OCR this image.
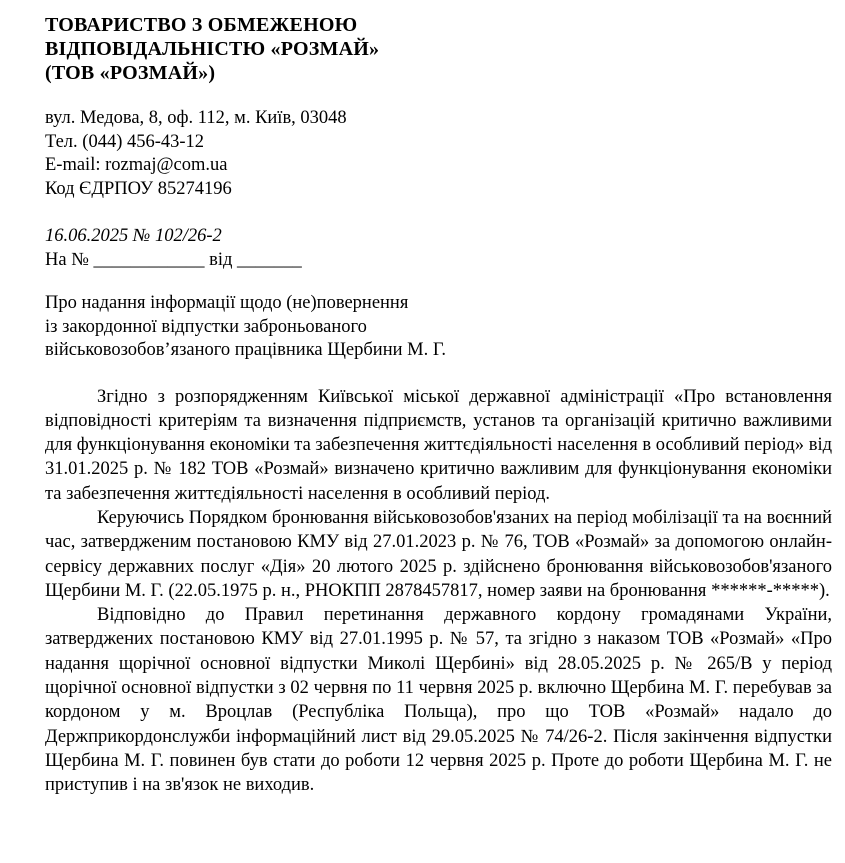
ТОВАРИСТВО З ОБМЕЖЕНОЮ
ВІДПОВІДАЛЬНІСТЮ «РОЗМАЙ»
(ТОВ «РОЗМАЙ»)
вул. Медова, 8, оф. 112, м. Київ, 03048
Тел. (044) 456-43-12
E-mail: rozmaj@com.ua
Код ЄДРПОУ 85274196
16.06.2025 № 102/26-2
На № ____________ від _______
Про надання інформації щодо (не)повернення
із закордонної відпустки заброньованого
військовозобов’язаного працівника Щербини М. Г.

Згідно з розпорядженням Київської міської державної адміністрації «Про встановлення відповідності критеріям та визначення підприємств, установ та організацій критично важливими для функціонування економіки та забезпечення життєдіяльності населення в особливий період» від 31.01.2025 р. № 182 ТОВ «Розмай» визначено критично важливим для функціонування економіки та забезпечення життєдіяльності населення в особливий період.

Керуючись Порядком бронювання військовозобов'язаних на період мобілізації та на воєнний час, затвердженим постановою КМУ від 27.01.2023 р. № 76, ТОВ «Розмай» за допомогою онлайн-сервісу державних послуг «Дія» 20 лютого 2025 р. здійснено бронювання військовозобов'язаного Щербини М. Г. (22.05.1975 р. н., РНОКПП 2878457817, номер заяви на бронювання ******-*****).

Відповідно до Правил перетинання державного кордону громадянами України, затверджених постановою КМУ від 27.01.1995 р. № 57, та згідно з наказом ТОВ «Розмай» «Про надання щорічної основної відпустки Миколі Щербині» від 28.05.2025 р. № 265/В у період щорічної основної відпустки з 02 червня по 11 червня 2025 р. включно Щербина М. Г. перебував за кордоном у м. Вроцлав (Республіка Польща), про що ТОВ «Розмай» надало до Держприкордонслужби інформаційний лист від 29.05.2025 № 74/26-2. Після закінчення відпустки Щербина М. Г. повинен був стати до роботи 12 червня 2025 р. Проте до роботи Щербина М. Г. не приступив і на зв'язок не виходив.
